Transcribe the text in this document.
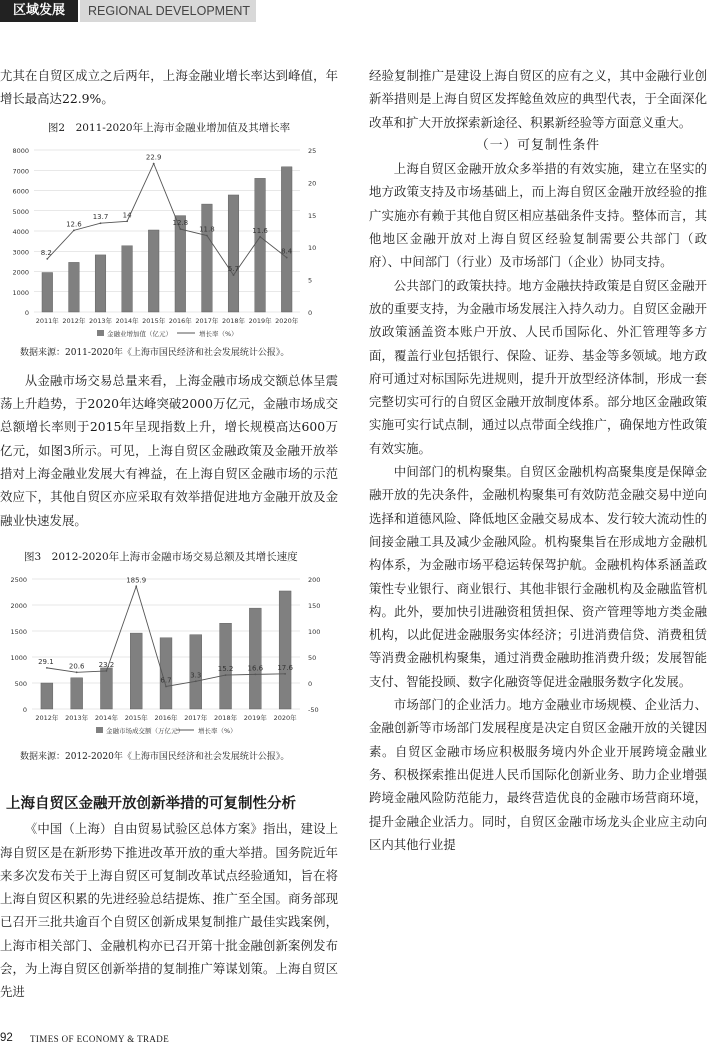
区域发展	REGIONAL DEVELOPMENT

尤其在自贸区成立之后两年，上海金融业增长率达到峰值，年增长最高达22.9%。

图2　2011-2020年上海市金融业增加值及其增长率

0
1000
2000
3000
4000
5000
6000
7000
8000
0
5
10
15
20
25
2011年 2012年 2013年 2014年 2015年 2016年 2017年 2018年 2019年 2020年
8.2
12.6
13.7 14
22.9
12.8
11.8
5.7
11.6
8.4
金融业增加值（亿元）	增长率（%）

数据来源：2011-2020年《上海市国民经济和社会发展统计公报》。

从金融市场交易总量来看，上海金融市场成交额总体呈震荡上升趋势，于2020年达峰突破2000万亿元，金融市场成交总额增长率则于2015年呈现指数上升，增长规模高达600万亿元，如图3所示。可见，上海自贸区金融政策及金融开放举措对上海金融业发展大有裨益，在上海自贸区金融市场的示范效应下，其他自贸区亦应采取有效举措促进地方金融开放及金融业快速发展。

图3　2012-2020年上海市金融市场交易总额及其增长速度

0
500
1000
1500
2000
2500
-50
0
50
100
150
200
2012年 2013年 2014年 2015年 2016年 2017年 2018年 2019年 2020年
29.1
20.6 23.2
185.9
6.7
3.3
15.2 16.6 17.6
金融市场成交额（万亿元） 增长率（%）

数据来源：2012-2020年《上海市国民经济和社会发展统计公报》。

上海自贸区金融开放创新举措的可复制性分析

《中国（上海）自由贸易试验区总体方案》指出，建设上海自贸区是在新形势下推进改革开放的重大举措。国务院近年来多次发布关于上海自贸区可复制改革试点经验通知，旨在将上海自贸区积累的先进经验总结提炼、推广至全国。商务部现已召开三批共逾百个自贸区创新成果复制推广最佳实践案例，上海市相关部门、金融机构亦已召开第十批金融创新案例发布会，为上海自贸区创新举措的复制推广筹谋划策。上海自贸区先进

经验复制推广是建设上海自贸区的应有之义，其中金融行业创新举措则是上海自贸区发挥鲶鱼效应的典型代表，于全面深化改革和扩大开放探索新途径、积累新经验等方面意义重大。

（一）可复制性条件

上海自贸区金融开放众多举措的有效实施，建立在坚实的地方政策支持及市场基础上，而上海自贸区金融开放经验的推广实施亦有赖于其他自贸区相应基础条件支持。整体而言，其他地区金融开放对上海自贸区经验复制需要公共部门（政府）、中间部门（行业）及市场部门（企业）协同支持。

公共部门的政策扶持。地方金融扶持政策是自贸区金融开放的重要支持，为金融市场发展注入持久动力。自贸区金融开放政策涵盖资本账户开放、人民币国际化、外汇管理等多方面，覆盖行业包括银行、保险、证券、基金等多领域。地方政府可通过对标国际先进规则，提升开放型经济体制，形成一套完整切实可行的自贸区金融开放制度体系。部分地区金融政策实施可实行试点制，通过以点带面全线推广，确保地方性政策有效实施。

中间部门的机构聚集。自贸区金融机构高聚集度是保障金融开放的先决条件，金融机构聚集可有效防范金融交易中逆向选择和道德风险、降低地区金融交易成本、发行较大流动性的间接金融工具及减少金融风险。机构聚集旨在形成地方金融机构体系，为金融市场平稳运转保驾护航。金融机构体系涵盖政策性专业银行、商业银行、其他非银行金融机构及金融监管机构。此外，要加快引进融资租赁担保、资产管理等地方类金融机构，以此促进金融服务实体经济；引进消费信贷、消费租赁等消费金融机构聚集，通过消费金融助推消费升级；发展智能支付、智能投顾、数字化融资等促进金融服务数字化发展。

市场部门的企业活力。地方金融业市场规模、企业活力、金融创新等市场部门发展程度是决定自贸区金融开放的关键因素。自贸区金融市场应积极服务境内外企业开展跨境金融业务、积极探索推出促进人民币国际化创新业务、助力企业增强跨境金融风险防范能力，最终营造优良的金融市场营商环境，提升金融企业活力。同时，自贸区金融市场龙头企业应主动向区内其他行业提

92 TIMES OF ECONOMY & TRADE
